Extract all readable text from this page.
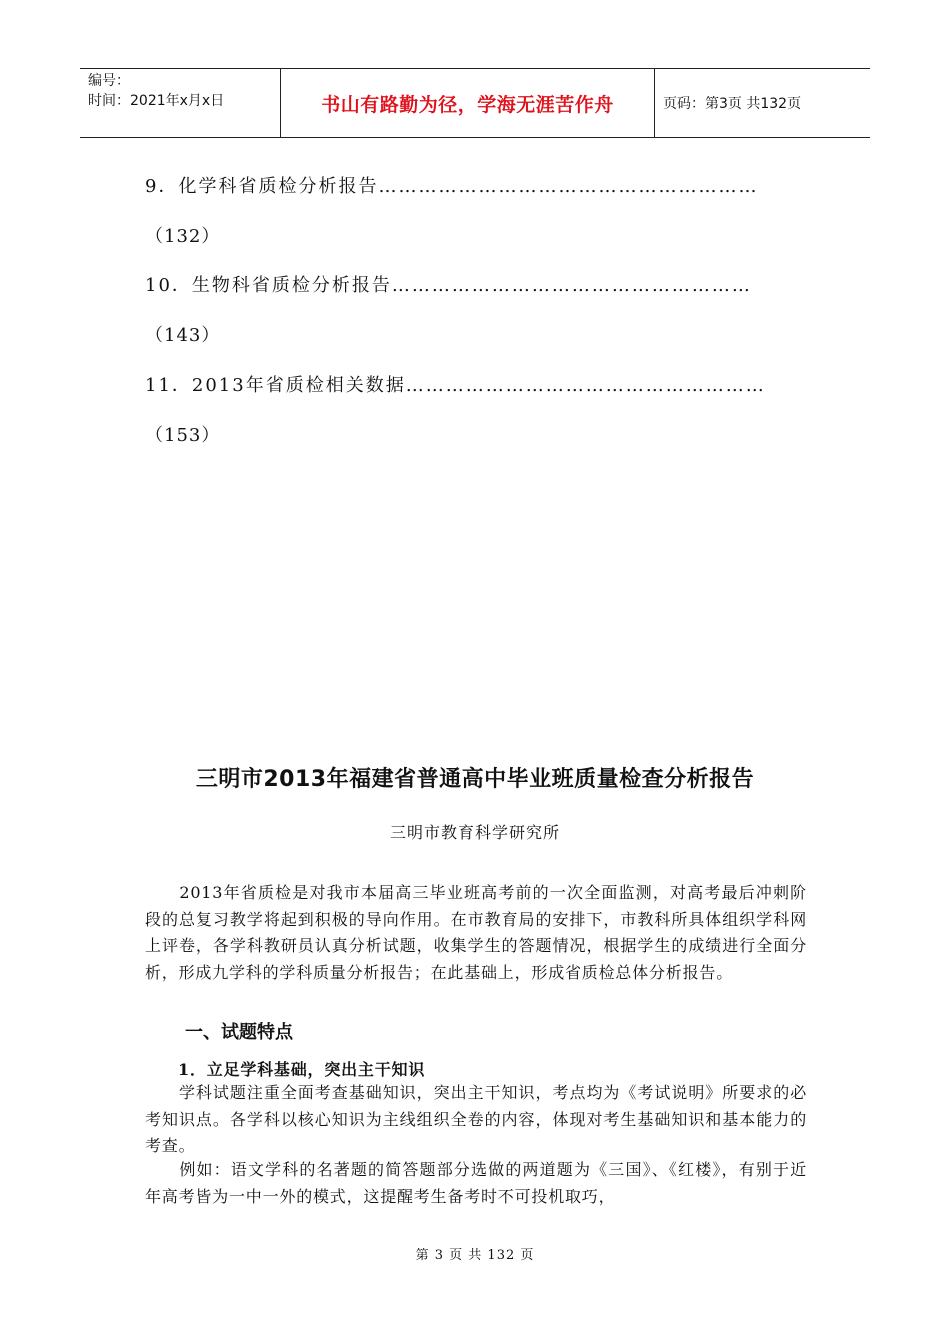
编号：
时间：2021年x月x日	书山有路勤为径，学海无涯苦作舟	页码：第3页 共132页
9．化学科省质检分析报告…………………………………………………
（132）
10．生物科省质检分析报告………………………………………………
（143）
11．2013年省质检相关数据………………………………………………
（153）
三明市2013年福建省普通高中毕业班质量检查分析报告
三明市教育科学研究所

　　2013年省质检是对我市本届高三毕业班高考前的一次全面监测，对高考最后冲刺阶段的总复习教学将起到积极的导向作用。在市教育局的安排下，市教科所具体组织学科网上评卷，各学科教研员认真分析试题，收集学生的答题情况，根据学生的成绩进行全面分析，形成九学科的学科质量分析报告；在此基础上，形成省质检总体分析报告。

一、试题特点
1．立足学科基础，突出主干知识

　　学科试题注重全面考查基础知识，突出主干知识，考点均为《考试说明》所要求的必考知识点。各学科以核心知识为主线组织全卷的内容，体现对考生基础知识和基本能力的考查。

　　例如：语文学科的名著题的简答题部分选做的两道题为《三国》、《红楼》，有别于近年高考皆为一中一外的模式，这提醒考生备考时不可投机取巧，

第 3 页 共 132 页
